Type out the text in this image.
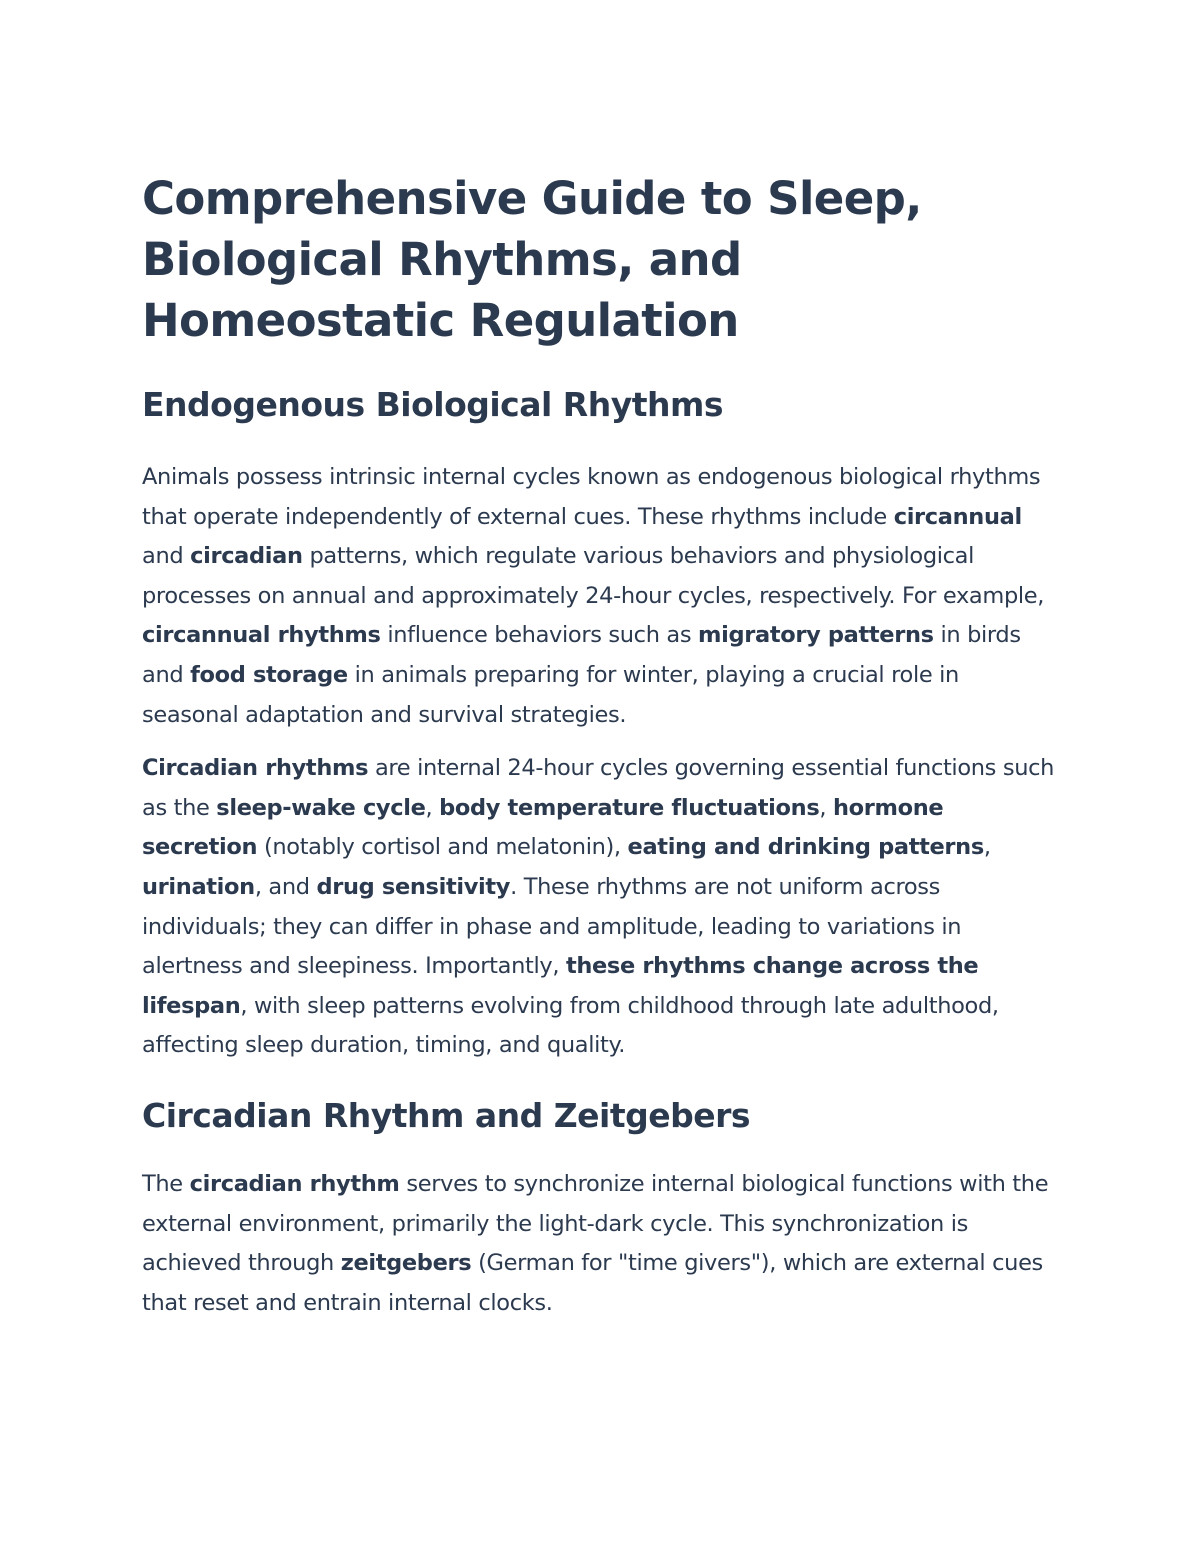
Comprehensive Guide to Sleep, Biological Rhythms, and Homeostatic Regulation
Endogenous Biological Rhythms

Animals possess intrinsic internal cycles known as endogenous biological rhythms that operate independently of external cues. These rhythms include circannual and circadian patterns, which regulate various behaviors and physiological processes on annual and approximately 24-hour cycles, respectively. For example, circannual rhythms influence behaviors such as migratory patterns in birds and food storage in animals preparing for winter, playing a crucial role in seasonal adaptation and survival strategies.

Circadian rhythms are internal 24-hour cycles governing essential functions such as the sleep-wake cycle, body temperature fluctuations, hormone secretion (notably cortisol and melatonin), eating and drinking patterns, urination, and drug sensitivity. These rhythms are not uniform across individuals; they can differ in phase and amplitude, leading to variations in alertness and sleepiness. Importantly, these rhythms change across the lifespan, with sleep patterns evolving from childhood through late adulthood, affecting sleep duration, timing, and quality.

Circadian Rhythm and Zeitgebers

The circadian rhythm serves to synchronize internal biological functions with the external environment, primarily the light-dark cycle. This synchronization is achieved through zeitgebers (German for "time givers"), which are external cues that reset and entrain internal clocks.
